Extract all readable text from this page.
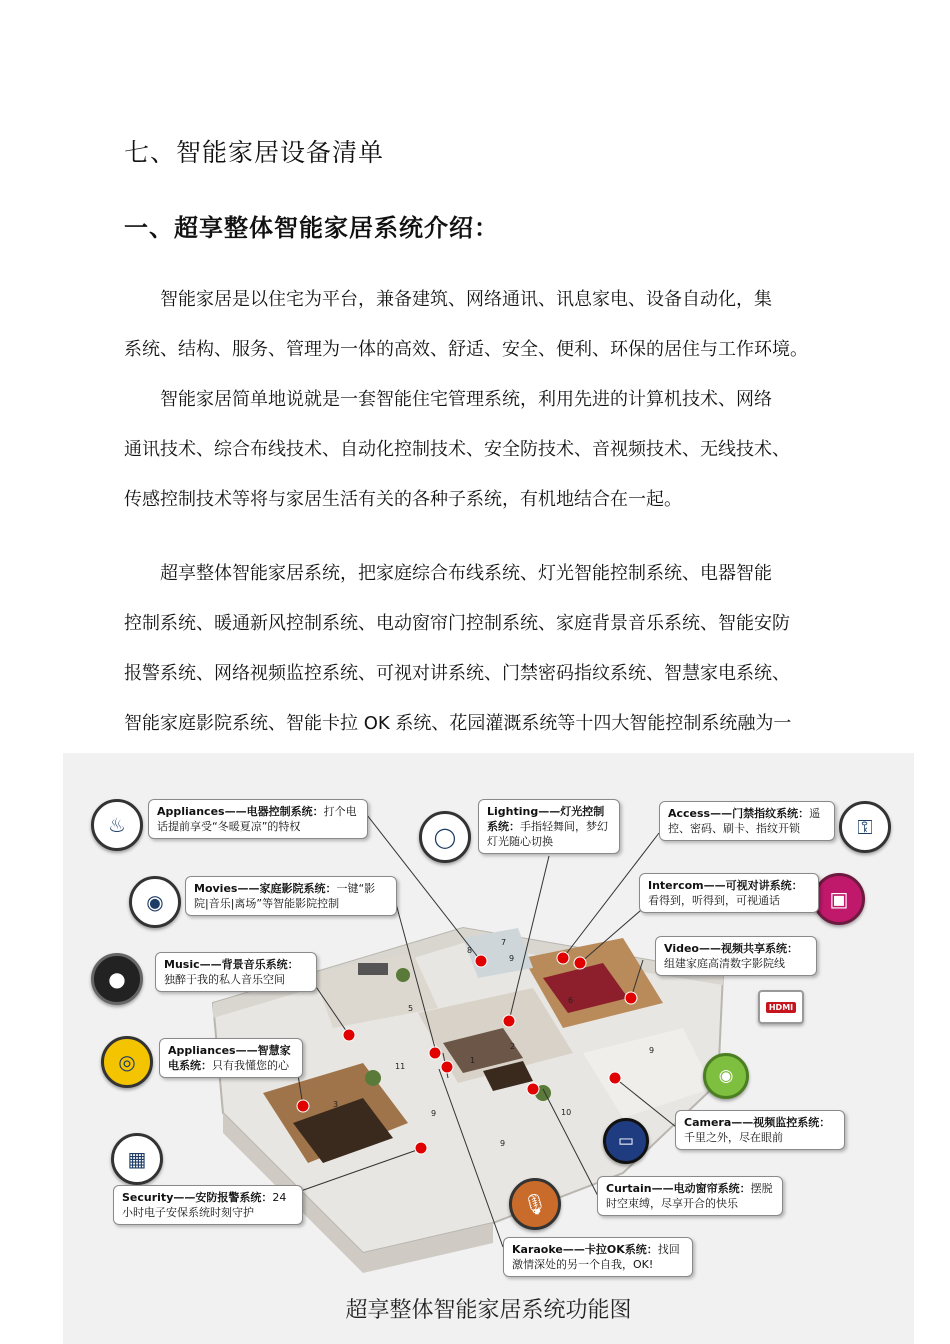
七、智能家居设备清单
一、超享整体智能家居系统介绍：
　　智能家居是以住宅为平台，兼备建筑、网络通讯、讯息家电、设备自动化，集
系统、结构、服务、管理为一体的高效、舒适、安全、便利、环保的居住与工作环境。
　　智能家居简单地说就是一套智能住宅管理系统，利用先进的计算机技术、网络
通讯技术、综合布线技术、自动化控制技术、安全防技术、音视频技术、无线技术、
传感控制技术等将与家居生活有关的各种子系统，有机地结合在一起。
　　超享整体智能家居系统，把家庭综合布线系统、灯光智能控制系统、电器智能
控制系统、暖通新风控制系统、电动窗帘门控制系统、家庭背景音乐系统、智能安防
报警系统、网络视频监控系统、可视对讲系统、门禁密码指纹系统、智慧家电系统、
智能家庭影院系统、智能卡拉 OK 系统、花园灌溉系统等十四大智能控制系统融为一
7
8
9
5
6
2
1
11
3
9	10
9
9
♨
◉
●
◎
▦
◯	⚿
▣
HDMI
◉
▭
🎙︎
Appliances——电器控制系统：打个电话提前享受“冬暖夏凉”的特权
Movies——家庭影院系统：一键“影院|音乐|离场”等智能影院控制
Music——背景音乐系统：独醉于我的私人音乐空间
Appliances——智慧家电系统：只有我懂您的心
Security——安防报警系统：24小时电子安保系统时刻守护
Lighting——灯光控制系统：手指轻舞间，梦幻灯光随心切换
Access——门禁指纹系统：遥控、密码、刷卡、指纹开锁
Intercom——可视对讲系统：看得到，听得到，可视通话
Video——视频共享系统：组建家庭高清数字影院线
Camera——视频监控系统：千里之外，尽在眼前
Curtain——电动窗帘系统：摆脱时空束缚，尽享开合的快乐
Karaoke——卡拉OK系统：找回激情深处的另一个自我，OK!
超享整体智能家居系统功能图
